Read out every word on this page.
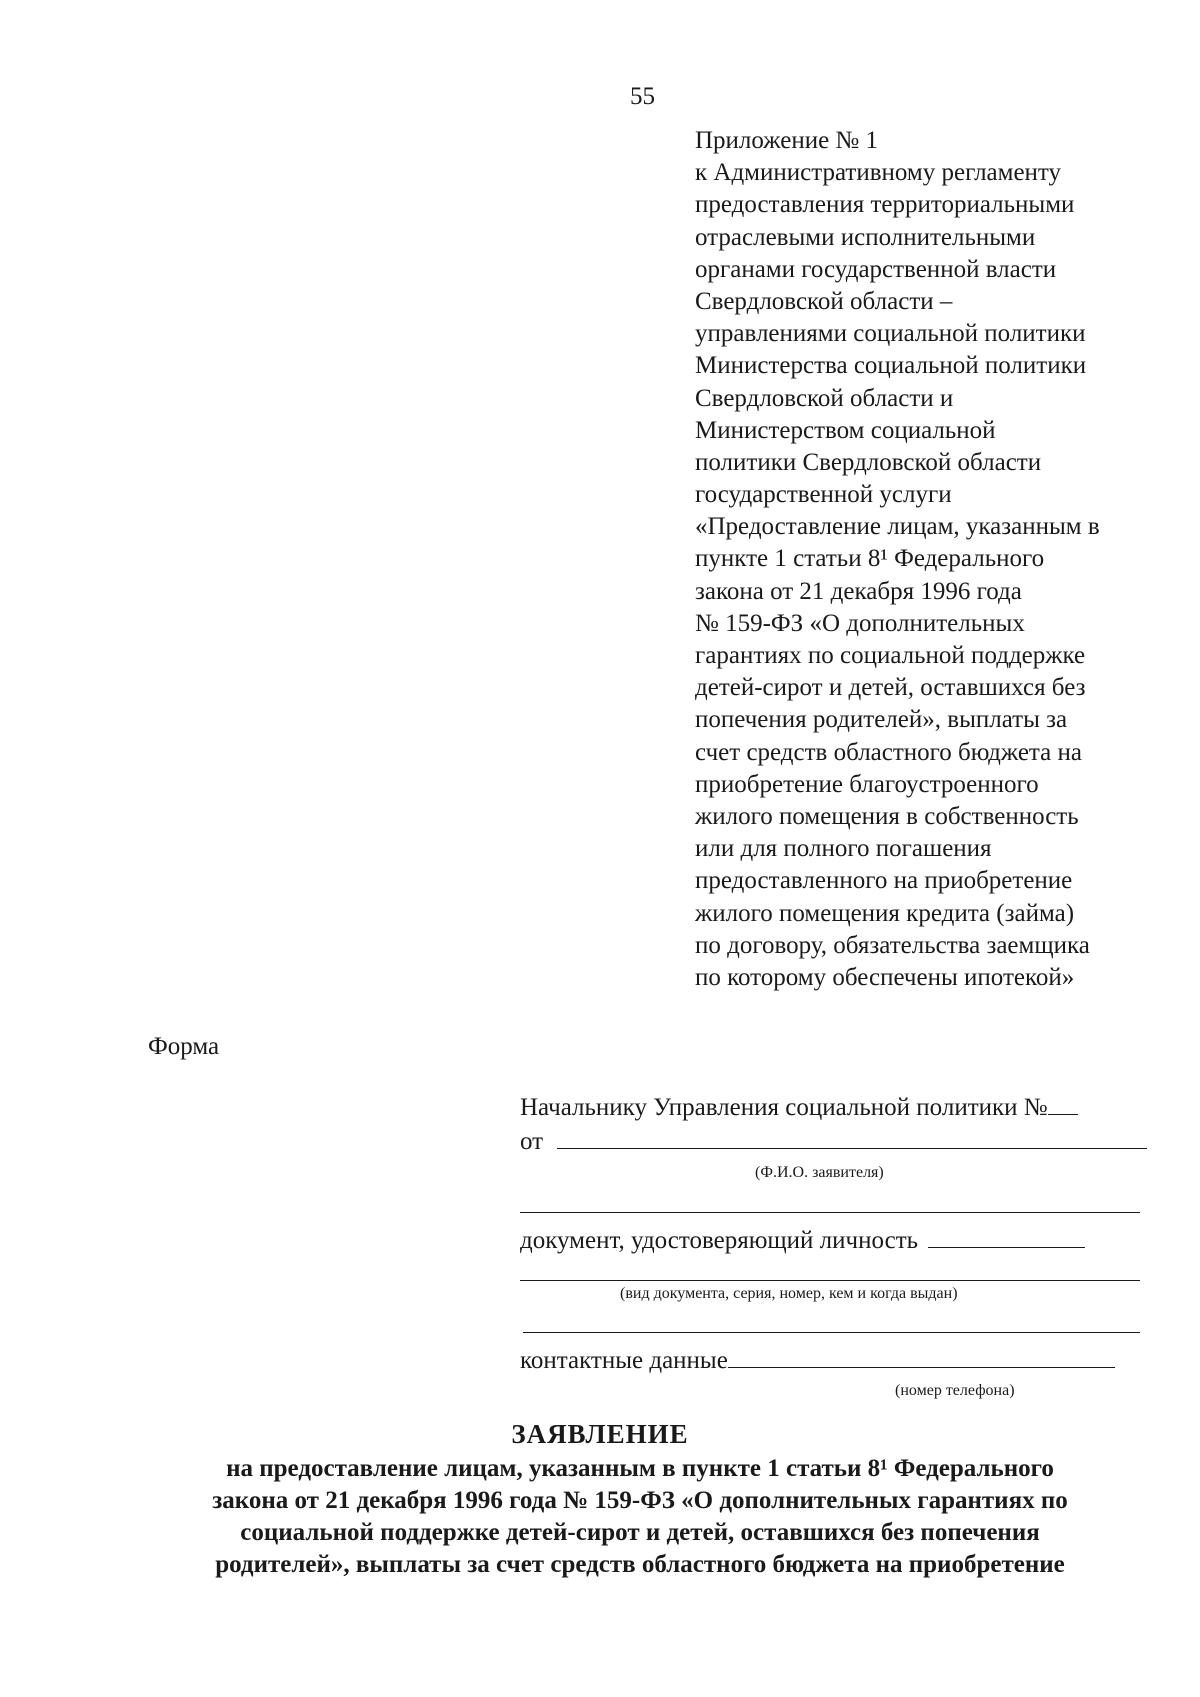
55
Приложение № 1
к Административному регламенту
предоставления территориальными
отраслевыми исполнительными
органами государственной власти
Свердловской области –
управлениями социальной политики
Министерства социальной политики
Свердловской области и
Министерством социальной
политики Свердловской области
государственной услуги
«Предоставление лицам, указанным в
пункте 1 статьи 8¹ Федерального
закона от 21 декабря 1996 года
№ 159-ФЗ «О дополнительных
гарантиях по социальной поддержке
детей-сирот и детей, оставшихся без
попечения родителей», выплаты за
счет средств областного бюджета на
приобретение благоустроенного
жилого помещения в собственность
или для полного погашения
предоставленного на приобретение
жилого помещения кредита (займа)
по договору, обязательства заемщика
по которому обеспечены ипотекой»
Форма
Начальнику Управления социальной политики №
от
(Ф.И.О. заявителя)
документ, удостоверяющий личность
(вид документа, серия, номер, кем и когда выдан)
контактные данные
(номер телефона)
ЗАЯВЛЕНИЕ
на предоставление лицам, указанным в пункте 1 статьи 8¹ Федерального
закона от 21 декабря 1996 года № 159-ФЗ «О дополнительных гарантиях по
социальной поддержке детей-сирот и детей, оставшихся без попечения
родителей», выплаты за счет средств областного бюджета на приобретение
